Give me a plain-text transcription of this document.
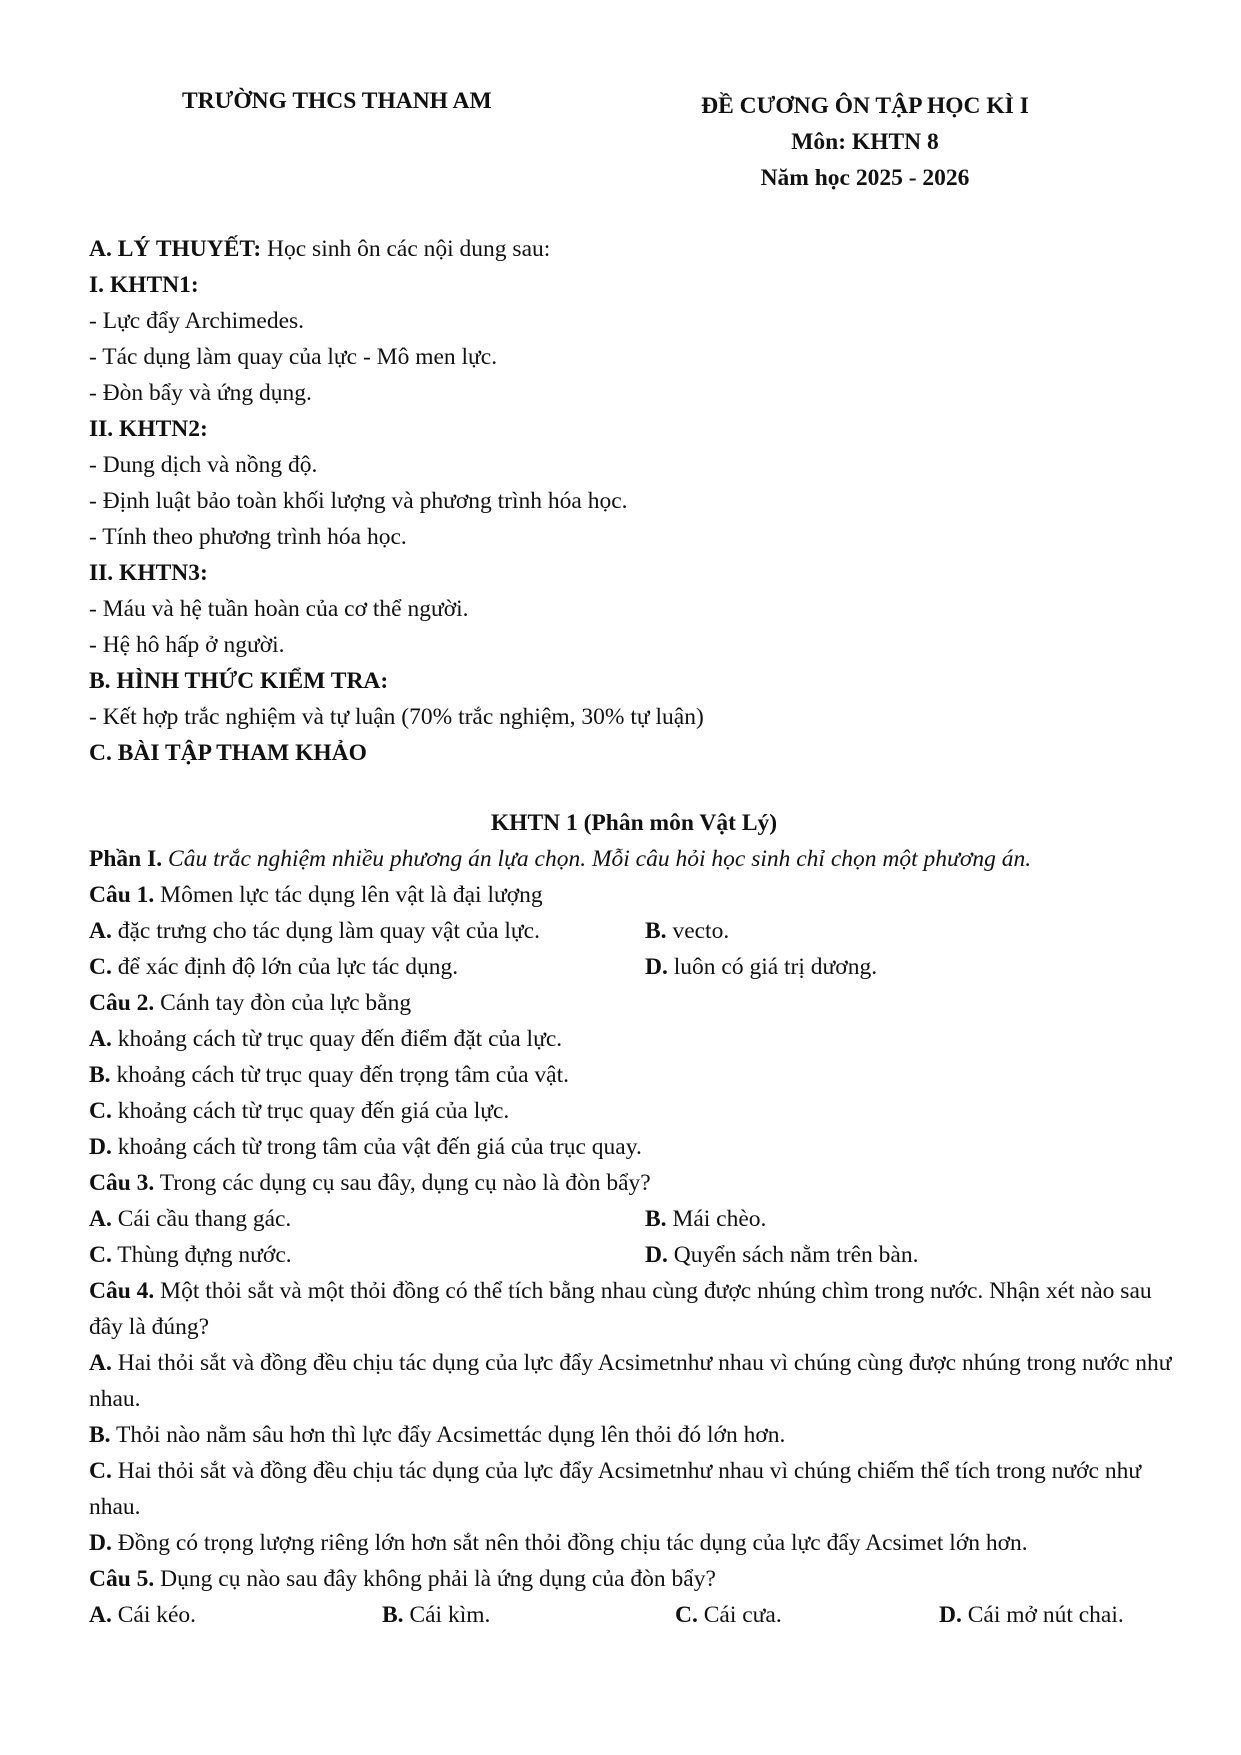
TRƯỜNG THCS THANH AM	ĐỀ CƯƠNG ÔN TẬP HỌC KÌ I
Môn: KHTN 8
Năm học 2025 - 2026
A. LÝ THUYẾT: Học sinh ôn các nội dung sau:
I. KHTN1:
- Lực đẩy Archimedes.
- Tác dụng làm quay của lực - Mô men lực.
- Đòn bẩy và ứng dụng.
II. KHTN2:
- Dung dịch và nồng độ.
- Định luật bảo toàn khối lượng và phương trình hóa học.
- Tính theo phương trình hóa học.
II. KHTN3:
- Máu và hệ tuần hoàn của cơ thể người.
- Hệ hô hấp ở người.
B. HÌNH THỨC KIỂM TRA:
- Kết hợp trắc nghiệm và tự luận (70% trắc nghiệm, 30% tự luận)
C. BÀI TẬP THAM KHẢO
KHTN 1 (Phân môn Vật Lý)
Phần I. Câu trắc nghiệm nhiều phương án lựa chọn. Mỗi câu hỏi học sinh chỉ chọn một phương án.
Câu 1. Mômen lực tác dụng lên vật là đại lượng
A. đặc trưng cho tác dụng làm quay vật của lực.	B. vecto.
C. để xác định độ lớn của lực tác dụng.	D. luôn có giá trị dương.
Câu 2. Cánh tay đòn của lực bằng
A. khoảng cách từ trục quay đến điểm đặt của lực.
B. khoảng cách từ trục quay đến trọng tâm của vật.
C. khoảng cách từ trục quay đến giá của lực.
D. khoảng cách từ trong tâm của vật đến giá của trục quay.
Câu 3. Trong các dụng cụ sau đây, dụng cụ nào là đòn bẩy?
A. Cái cầu thang gác.	B. Mái chèo.
C. Thùng đựng nước.	D. Quyển sách nằm trên bàn.
Câu 4. Một thỏi sắt và một thỏi đồng có thể tích bằng nhau cùng được nhúng chìm trong nước. Nhận xét nào sau đây là đúng?
A. Hai thỏi sắt và đồng đều chịu tác dụng của lực đẩy Acsimetnhư nhau vì chúng cùng được nhúng trong nước như nhau.
B. Thỏi nào nằm sâu hơn thì lực đẩy Acsimettác dụng lên thỏi đó lớn hơn.
C. Hai thỏi sắt và đồng đều chịu tác dụng của lực đẩy Acsimetnhư nhau vì chúng chiếm thể tích trong nước như nhau.
D. Đồng có trọng lượng riêng lớn hơn sắt nên thỏi đồng chịu tác dụng của lực đẩy Acsimet lớn hơn.
Câu 5. Dụng cụ nào sau đây không phải là ứng dụng của đòn bẩy?
A. Cái kéo.	B. Cái kìm.	C. Cái cưa.	D. Cái mở nút chai.
